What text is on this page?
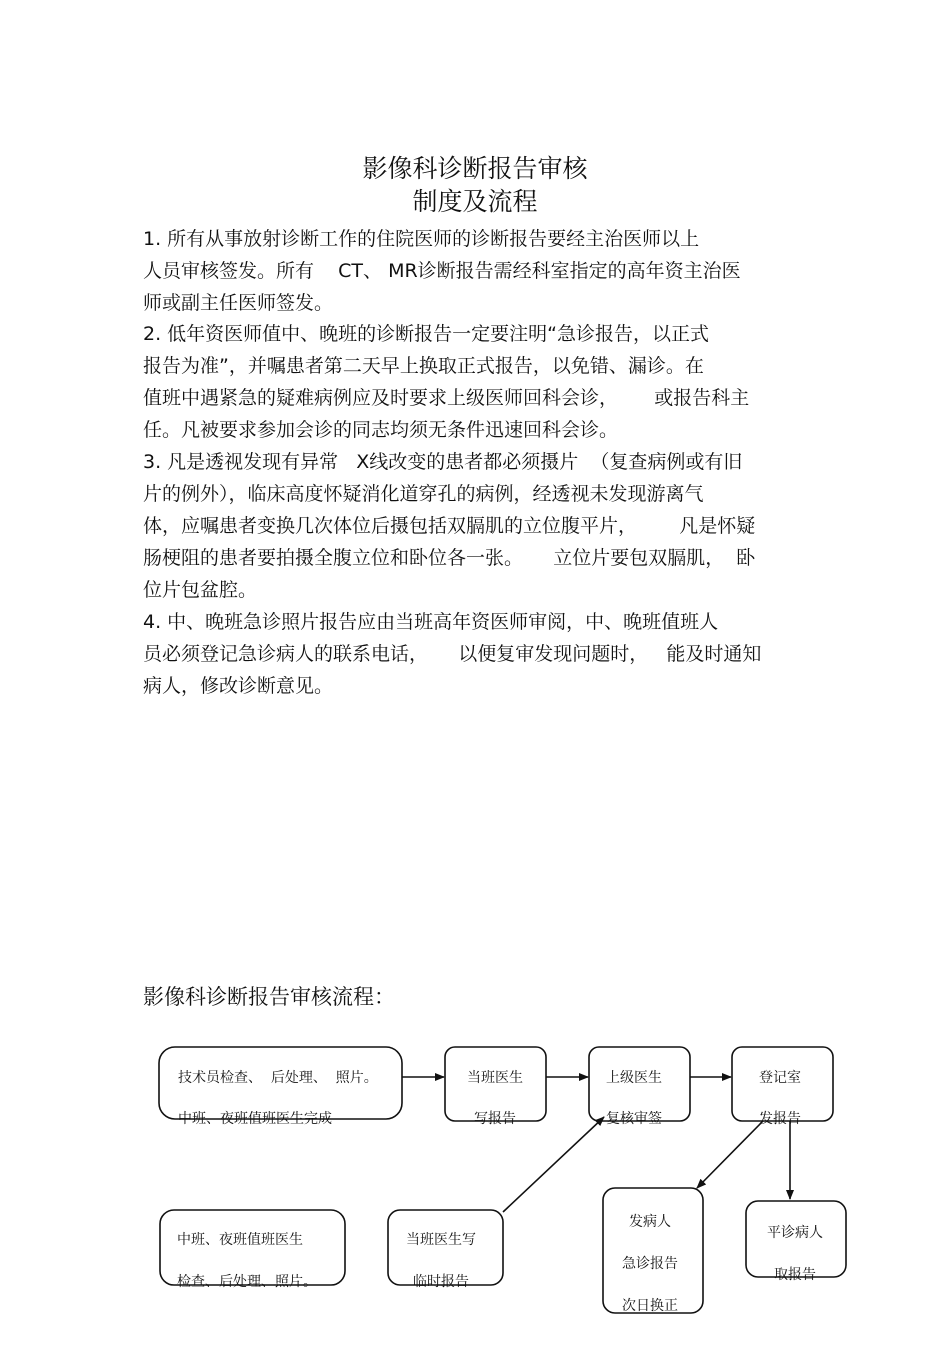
影像科诊断报告审核
制度及流程
1. 所有从事放射诊断工作的住院医师的诊断报告要经主治医师以上
人员审核签发。所有    CT、 MR诊断报告需经科室指定的高年资主治医
师或副主任医师签发。
2. 低年资医师值中、晚班的诊断报告一定要注明“急诊报告，以正式
报告为准”，并嘱患者第二天早上换取正式报告，以免错、漏诊。在
值班中遇紧急的疑难病例应及时要求上级医师回科会诊，      或报告科主
任。凡被要求参加会诊的同志均须无条件迅速回科会诊。
3. 凡是透视发现有异常   X线改变的患者都必须摄片  （复查病例或有旧
片的例外），临床高度怀疑消化道穿孔的病例，经透视未发现游离气
体，应嘱患者变换几次体位后摄包括双膈肌的立位腹平片，       凡是怀疑
肠梗阻的患者要拍摄全腹立位和卧位各一张。     立位片要包双膈肌，  卧
位片包盆腔。
4. 中、晚班急诊照片报告应由当班高年资医师审阅，中、晚班值班人
员必须登记急诊病人的联系电话，     以便复审发现问题时，   能及时通知
病人，修改诊断意见。
影像科诊断报告审核流程：
技术员检查、  后处理、  照片。
中班、夜班值班医生完成
当班医生
写报告
上级医生
复核审签
登记室
发报告
中班、夜班值班医生
检查、后处理、照片。
当班医生写
临时报告
发病人
急诊报告
次日换正
平诊病人
取报告
